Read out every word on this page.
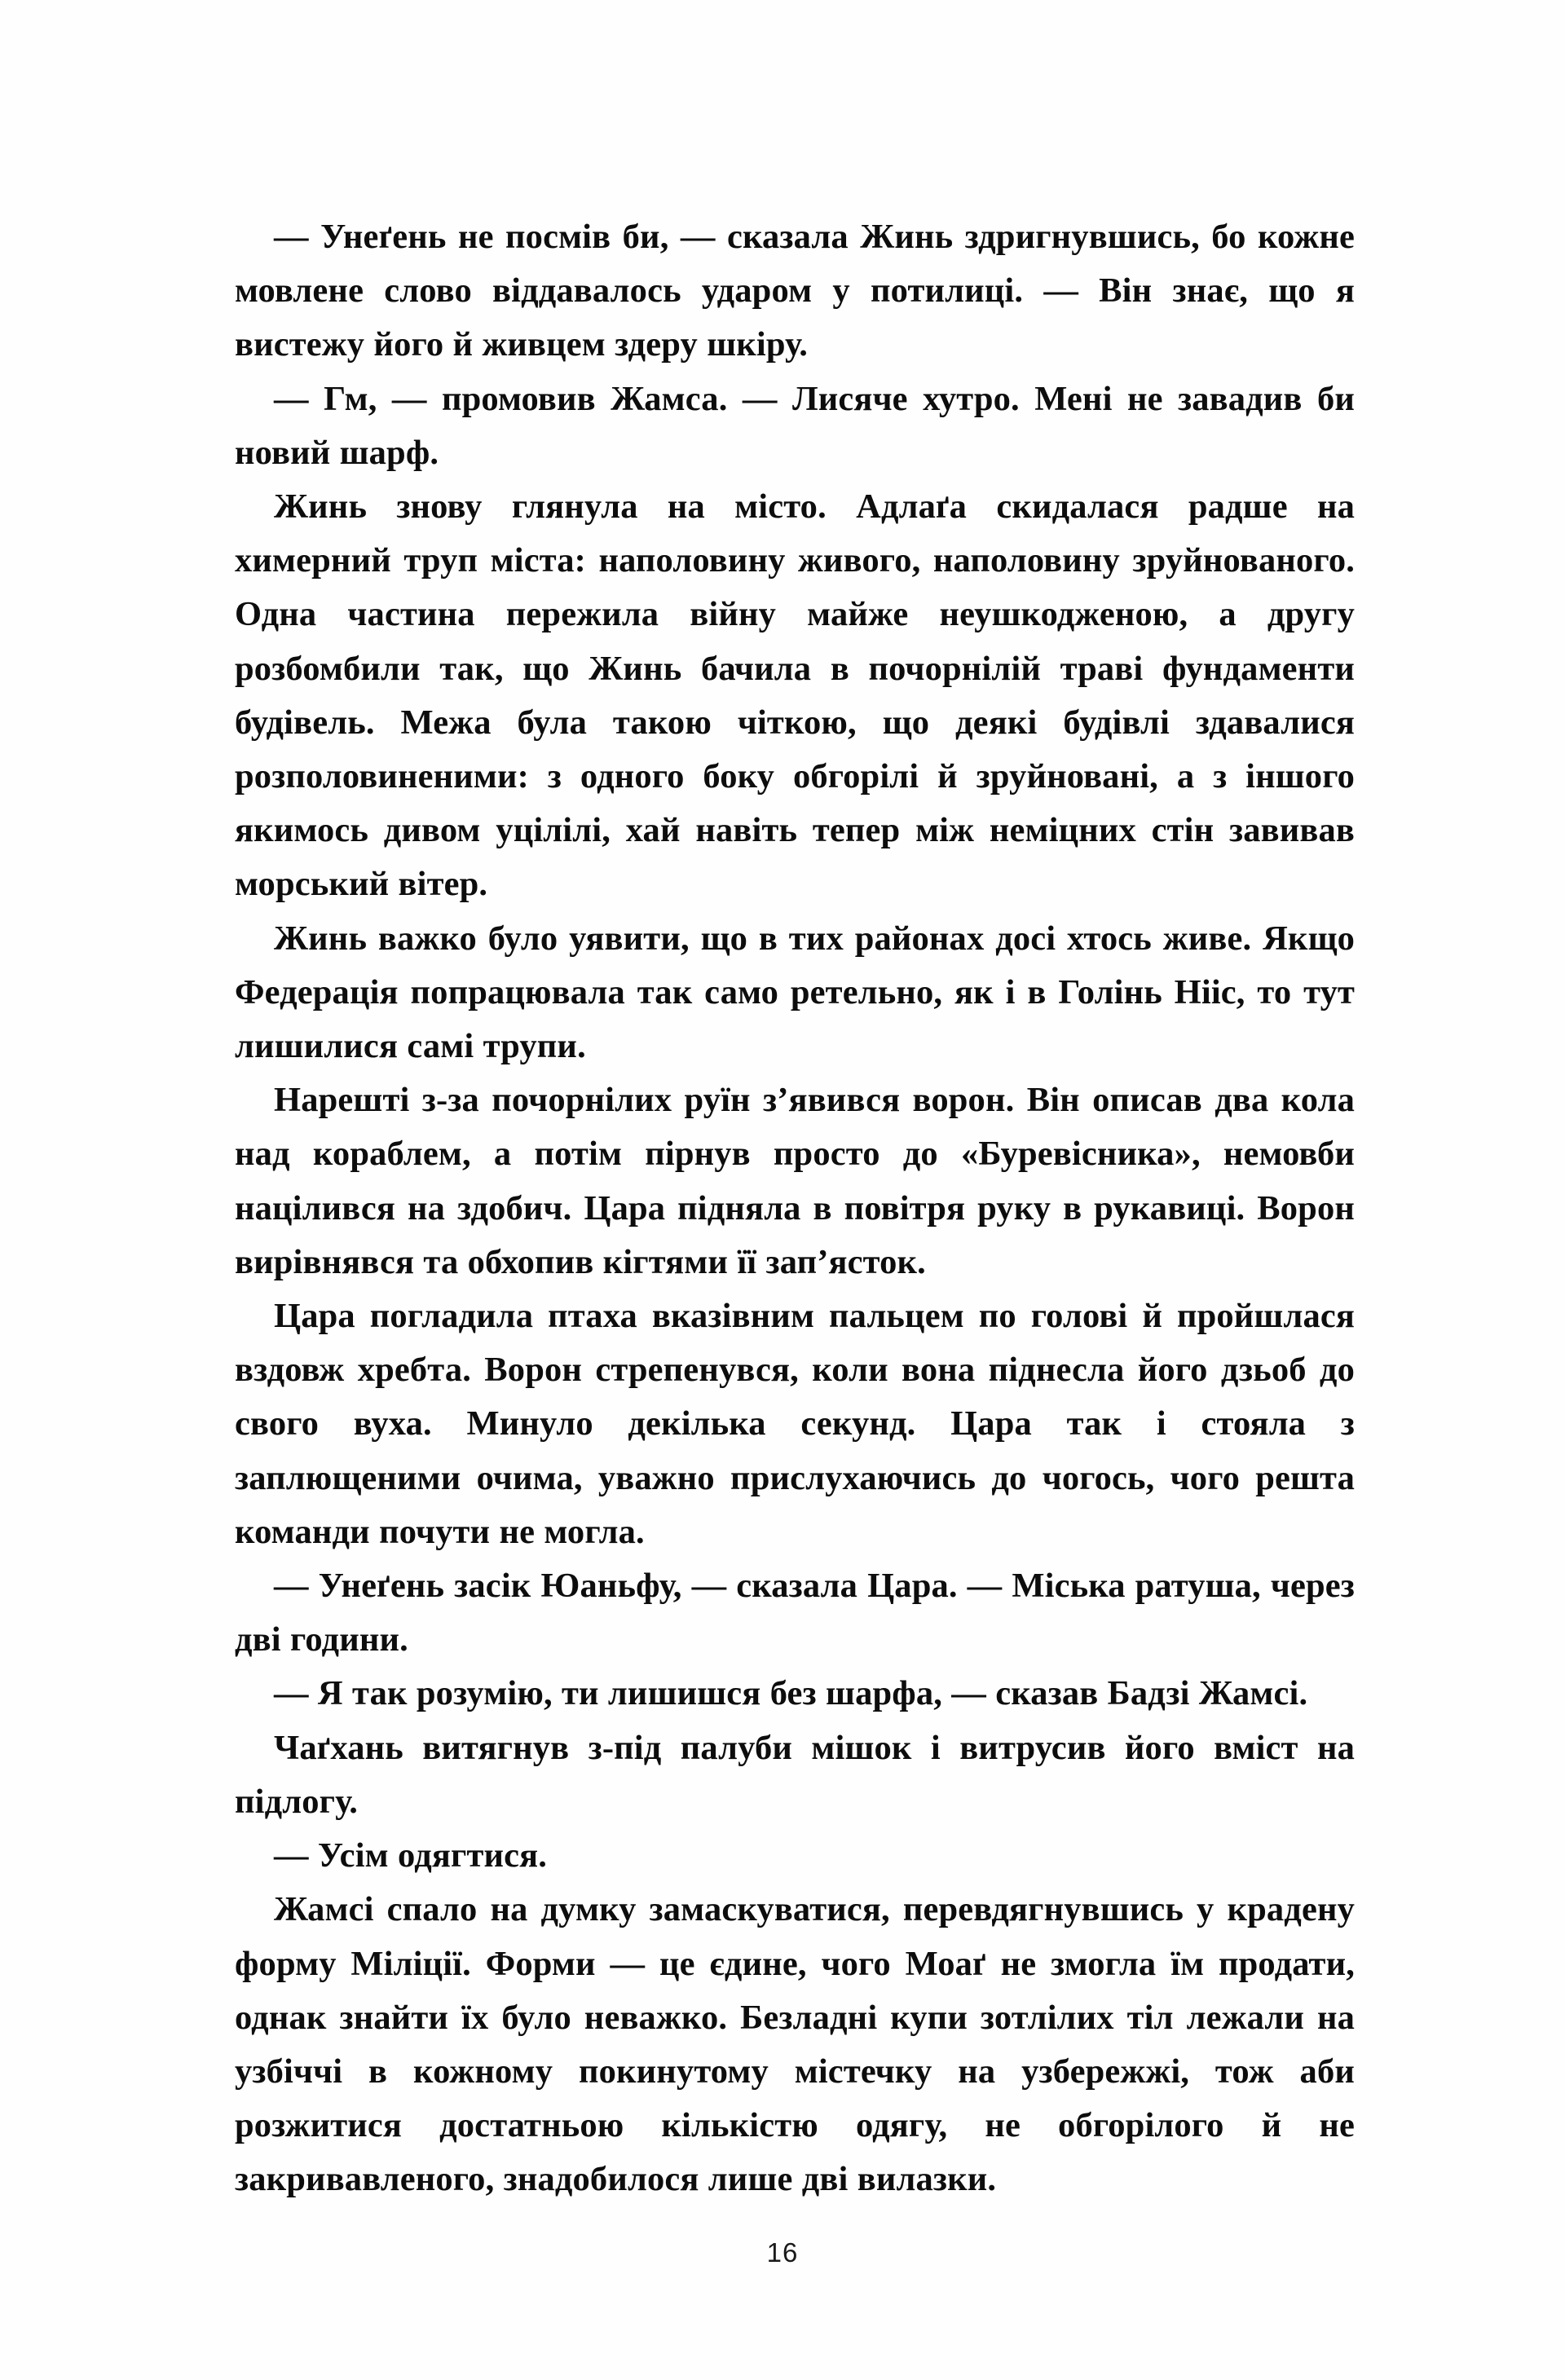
— Унеґень не посмів би, — сказала Жинь здригнувшись, бо кожне мовлене слово віддавалось ударом у потилиці. — Він знає, що я вистежу його й живцем здеру шкіру.

— Гм, — промовив Жамса. — Лисяче хутро. Мені не завадив би новий шарф.

Жинь знову глянула на місто. Адлаґа скидалася радше на химерний труп міста: наполовину живого, наполовину зруйнованого. Одна частина пережила війну майже неушкодженою, а другу розбомбили так, що Жинь бачила в почорнілій траві фундаменти будівель. Межа була такою чіткою, що деякі будівлі здавалися розполовиненими: з одного боку обгорілі й зруйновані, а з іншого якимось дивом уцілілі, хай навіть тепер між неміцних стін завивав морський вітер.

Жинь важко було уявити, що в тих районах досі хтось живе. Якщо Федерація попрацювала так само ретельно, як і в Голінь Нііс, то тут лишилися самі трупи.

Нарешті з-за почорнілих руїн з’явився ворон. Він описав два кола над кораблем, а потім пірнув просто до «Буревісника», немовби націлився на здобич. Цара підняла в повітря руку в рукавиці. Ворон вирівнявся та обхопив кігтями її зап’ясток.

Цара погладила птаха вказівним пальцем по голові й пройшлася вздовж хребта. Ворон стрепенувся, коли вона піднесла його дзьоб до свого вуха. Минуло декілька секунд. Цара так і стояла з заплющеними очима, уважно прислухаючись до чогось, чого решта команди почути не могла.

— Унеґень засік Юаньфу, — сказала Цара. — Міська ратуша, через дві години.

— Я так розумію, ти лишишся без шарфа, — сказав Бадзі Жамсі.

Чаґхань витягнув з-під палуби мішок і витрусив його вміст на підлогу.

— Усім одягтися.

Жамсі спало на думку замаскуватися, перевдягнувшись у крадену форму Міліції. Форми — це єдине, чого Моаґ не змогла їм продати, однак знайти їх було неважко. Безладні купи зотлілих тіл лежали на узбіччі в кожному покинутому містечку на узбережжі, тож аби розжитися достатньою кількістю одягу, не обгорілого й не закривавленого, знадобилося лише дві вилазки.

16
